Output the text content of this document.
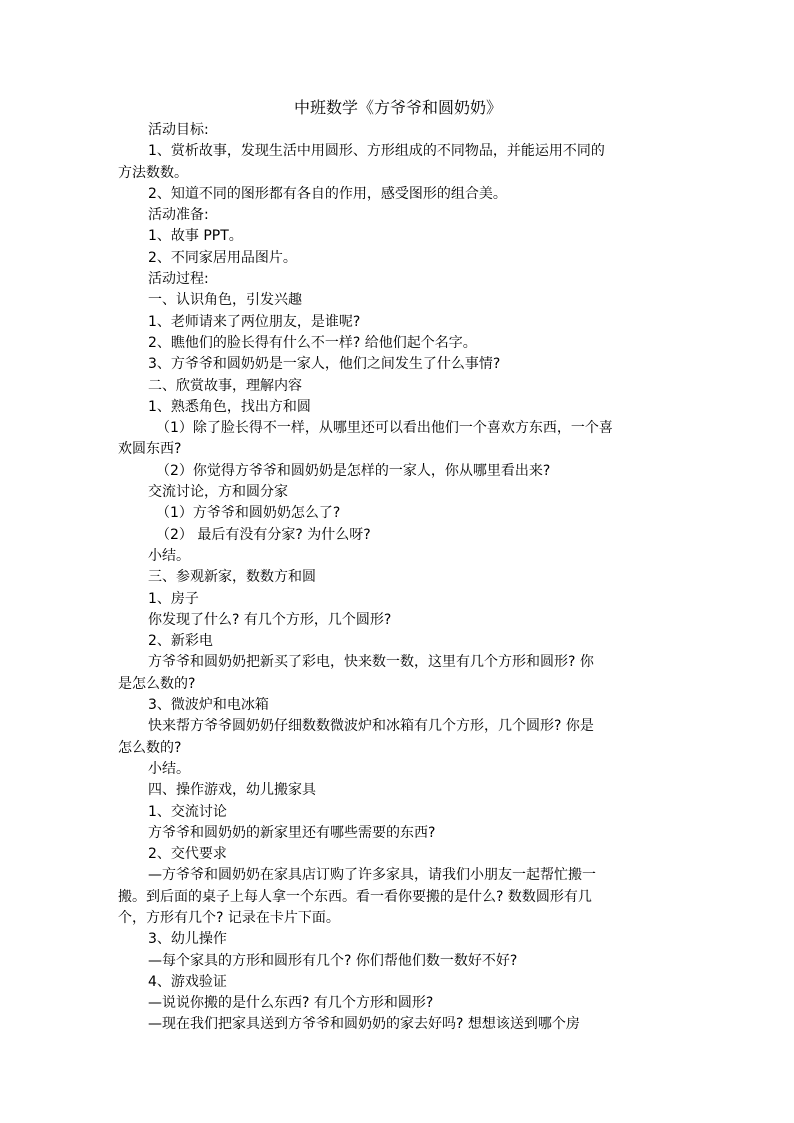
中班数学《方爷爷和圆奶奶》
活动目标:
1、赏析故事，发现生活中用圆形、方形组成的不同物品，并能运用不同的
方法数数。
2、知道不同的图形都有各自的作用，感受图形的组合美。
活动准备:
1、故事 PPT。
2、不同家居用品图片。
活动过程:
一、认识角色，引发兴趣
1、老师请来了两位朋友，是谁呢?
2、瞧他们的脸长得有什么不一样? 给他们起个名字。
3、方爷爷和圆奶奶是一家人，他们之间发生了什么事情?
二、欣赏故事，理解内容
1、熟悉角色，找出方和圆
（1）除了脸长得不一样，从哪里还可以看出他们一个喜欢方东西，一个喜
欢圆东西?
（2）你觉得方爷爷和圆奶奶是怎样的一家人，你从哪里看出来?
交流讨论，方和圆分家
（1）方爷爷和圆奶奶怎么了?
（2） 最后有没有分家? 为什么呀?
小结。
三、参观新家，数数方和圆
1、房子
你发现了什么? 有几个方形，几个圆形?
2、新彩电
方爷爷和圆奶奶把新买了彩电，快来数一数，这里有几个方形和圆形? 你
是怎么数的?
3、微波炉和电冰箱
快来帮方爷爷圆奶奶仔细数数微波炉和冰箱有几个方形，几个圆形? 你是
怎么数的?
小结。
四、操作游戏，幼儿搬家具
1、交流讨论
方爷爷和圆奶奶的新家里还有哪些需要的东西?
2、交代要求
—方爷爷和圆奶奶在家具店订购了许多家具，请我们小朋友一起帮忙搬一
搬。到后面的桌子上每人拿一个东西。看一看你要搬的是什么? 数数圆形有几
个，方形有几个? 记录在卡片下面。
3、幼儿操作
—每个家具的方形和圆形有几个? 你们帮他们数一数好不好?
4、游戏验证
—说说你搬的是什么东西? 有几个方形和圆形?
—现在我们把家具送到方爷爷和圆奶奶的家去好吗? 想想该送到哪个房
